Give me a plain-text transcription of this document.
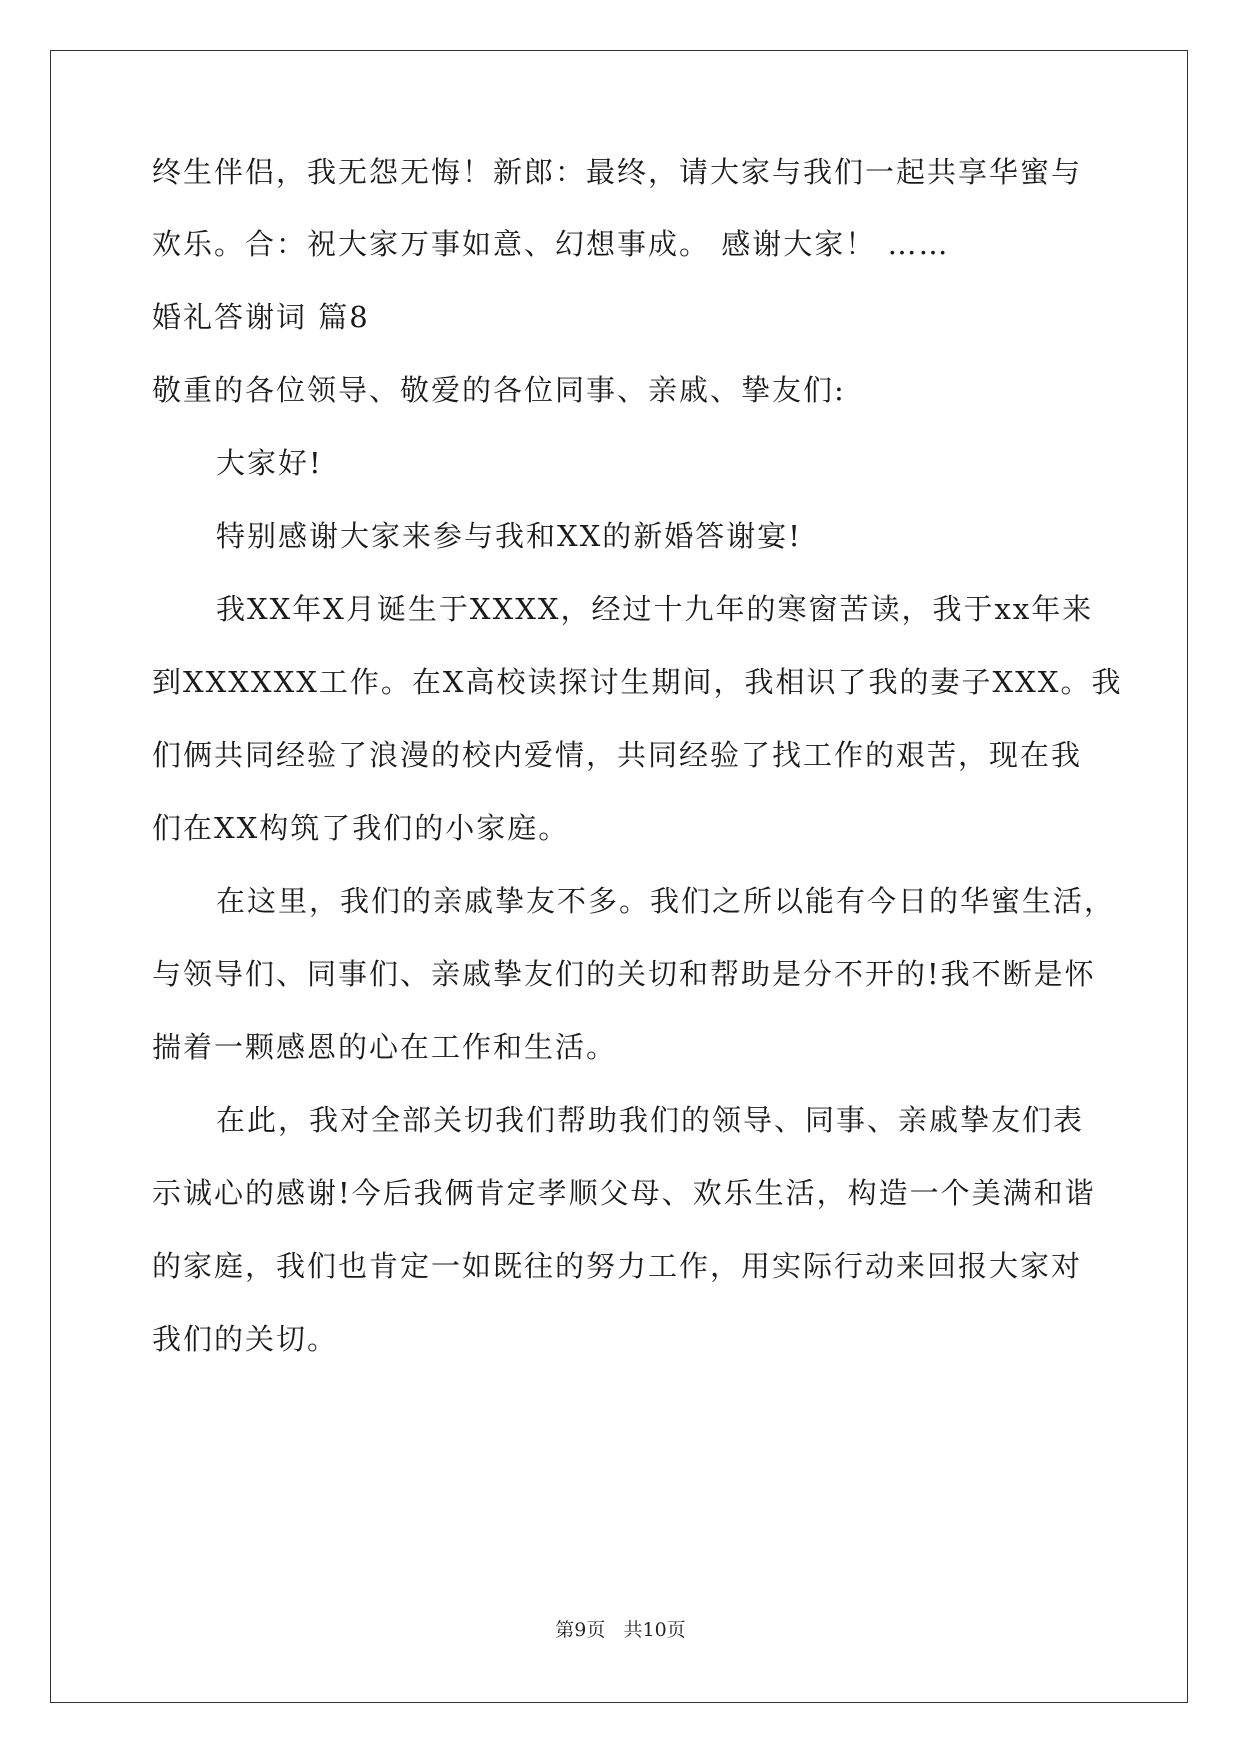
终生伴侣，我无怨无悔！新郎：最终，请大家与我们一起共享华蜜与
欢乐。合：祝大家万事如意、幻想事成。 感谢大家！ ……
婚礼答谢词 篇8
敬重的各位领导、敬爱的各位同事、亲戚、挚友们:
大家好!
特别感谢大家来参与我和XX的新婚答谢宴!
我XX年X月诞生于XXXX，经过十九年的寒窗苦读，我于xx年来
到XXXXXX工作。在X高校读探讨生期间，我相识了我的妻子XXX。我
们俩共同经验了浪漫的校内爱情，共同经验了找工作的艰苦，现在我
们在XX构筑了我们的小家庭。
在这里，我们的亲戚挚友不多。我们之所以能有今日的华蜜生活，
与领导们、同事们、亲戚挚友们的关切和帮助是分不开的!我不断是怀
揣着一颗感恩的心在工作和生活。
在此，我对全部关切我们帮助我们的领导、同事、亲戚挚友们表
示诚心的感谢!今后我俩肯定孝顺父母、欢乐生活，构造一个美满和谐
的家庭，我们也肯定一如既往的努力工作，用实际行动来回报大家对
我们的关切。
第9页   共10页
